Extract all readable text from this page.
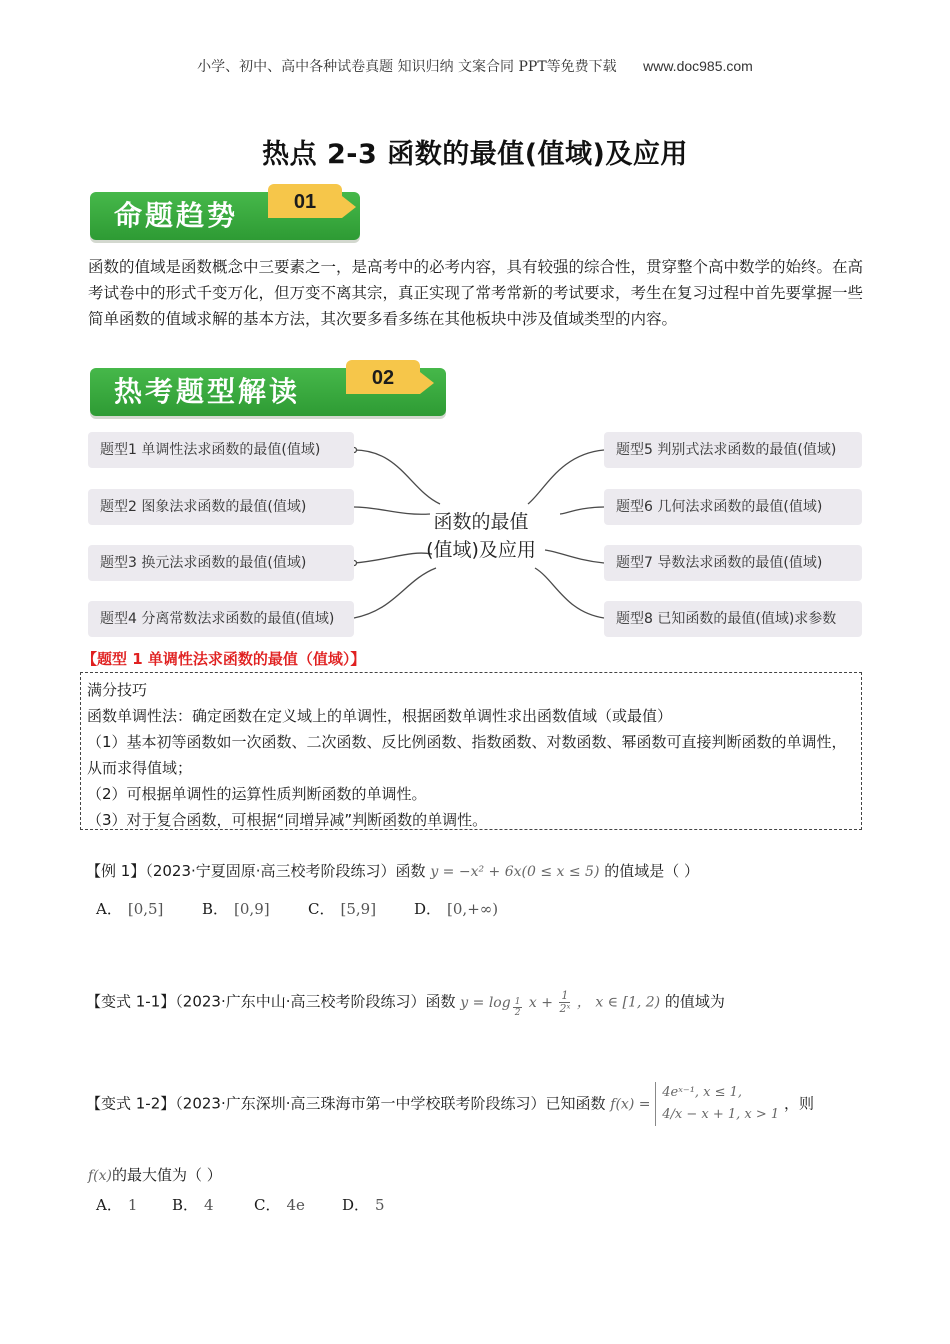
小学、初中、高中各种试卷真题 知识归纳 文案合同 PPT等免费下载 www.doc985.com
热点 2-3 函数的最值(值域)及应用
命题趋势	01
函数的值域是函数概念中三要素之一，是高考中的必考内容，具有较强的综合性，贯穿整个高中数学的始终。在高考试卷中的形式千变万化，但万变不离其宗，真正实现了常考常新的考试要求，考生在复习过程中首先要掌握一些简单函数的值域求解的基本方法，其次要多看多练在其他板块中涉及值域类型的内容。
热考题型解读	02
题型1 单调性法求函数的最值(值域)
题型2 图象法求函数的最值(值域)
题型3 换元法求函数的最值(值域)
题型4 分离常数法求函数的最值(值域)
题型5 判别式法求函数的最值(值域)
题型6 几何法求函数的最值(值域)
题型7 导数法求函数的最值(值域)
题型8 已知函数的最值(值域)求参数
函数的最值
(值域)及应用
【题型 1 单调性法求函数的最值（值域）】
满分技巧
函数单调性法：确定函数在定义域上的单调性，根据函数单调性求出函数值域（或最值）
（1）基本初等函数如一次函数、二次函数、反比例函数、指数函数、对数函数、幂函数可直接判断函数的单调性，从而求得值域；
（2）可根据单调性的运算性质判断函数的单调性。
（3）对于复合函数，可根据“同增异减”判断函数的单调性。
【例 1】（2023·宁夏固原·高三校考阶段练习）函数 y = −x² + 6x(0 ≤ x ≤ 5) 的值域是（ ）
A． [0,5]	B． [0,9]	C． [5,9]	D． [0,+∞)
【变式 1-1】（2023·广东中山·高三校考阶段练习）函数 $y = \log \frac{1}{2}$ $x + \frac{1}{\text{2ˣ}}$ ， x ∈ [1, 2) 的值域为
【变式 1-2】（2023·广东深圳·高三珠海市第一中学校联考阶段练习）已知函数 f(x) =
4eˣ⁻¹, x ≤ 1,
4/x − x + 1, x > 1
，则
f(x)的最大值为（ ）
A． 1 B． 4	C． 4e D． 5
